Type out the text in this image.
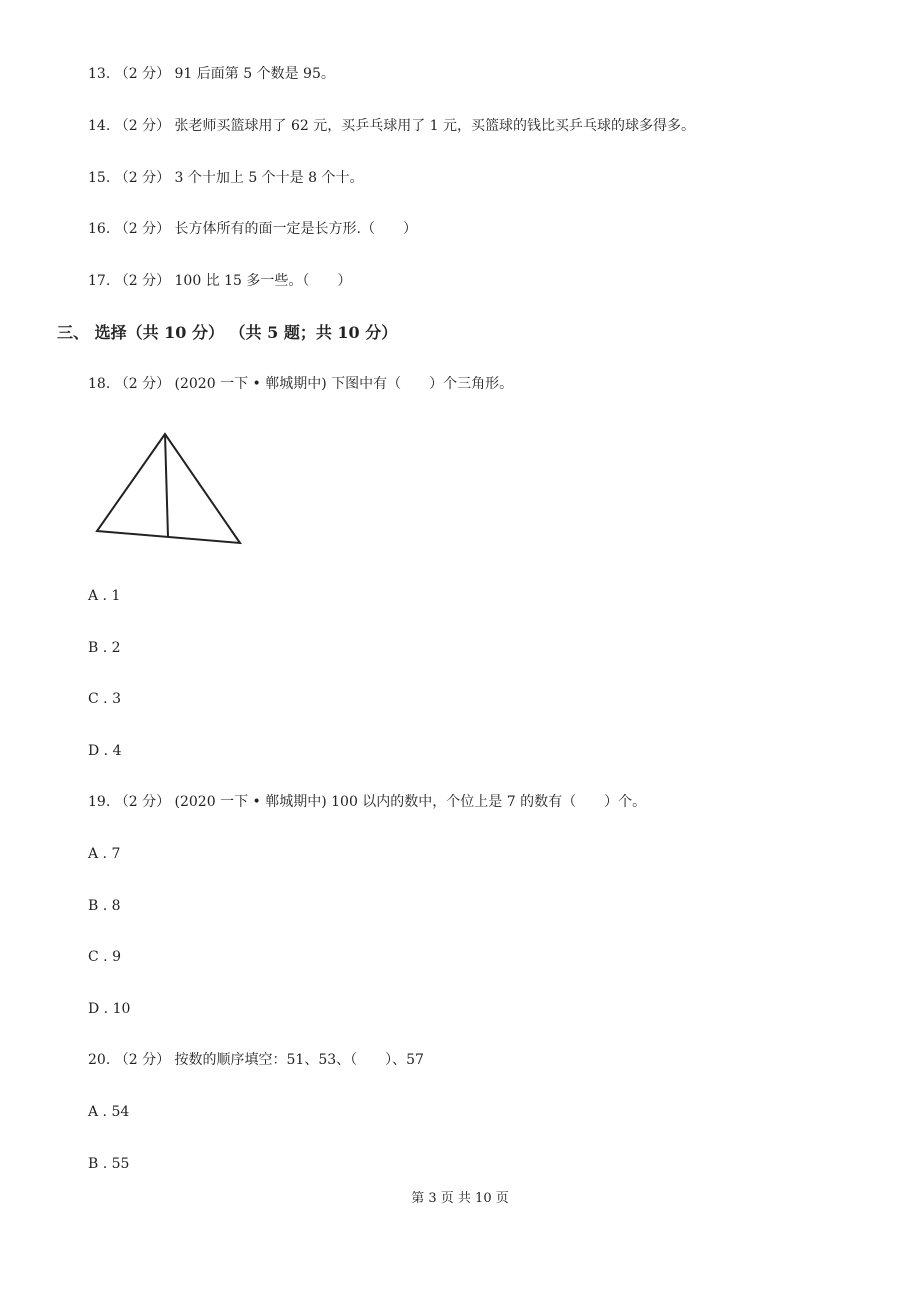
13. （2 分） 91 后面第 5 个数是 95。
14. （2 分） 张老师买篮球用了 62 元，买乒乓球用了 1 元，买篮球的钱比买乒乓球的球多得多。
15. （2 分） 3 个十加上 5 个十是 8 个十。
16. （2 分） 长方体所有的面一定是长方形.（　　）
17. （2 分） 100 比 15 多一些。（　　）
三、 选择（共 10 分） （共 5 题；共 10 分）
18. （2 分） (2020 一下 • 郸城期中) 下图中有（　　）个三角形。
A . 1
B . 2
C . 3
D . 4
19. （2 分） (2020 一下 • 郸城期中) 100 以内的数中，个位上是 7 的数有（　　）个。
A . 7
B . 8
C . 9
D . 10
20. （2 分） 按数的顺序填空：51、53、（　　）、57
A . 54
B . 55
第 3 页 共 10 页
